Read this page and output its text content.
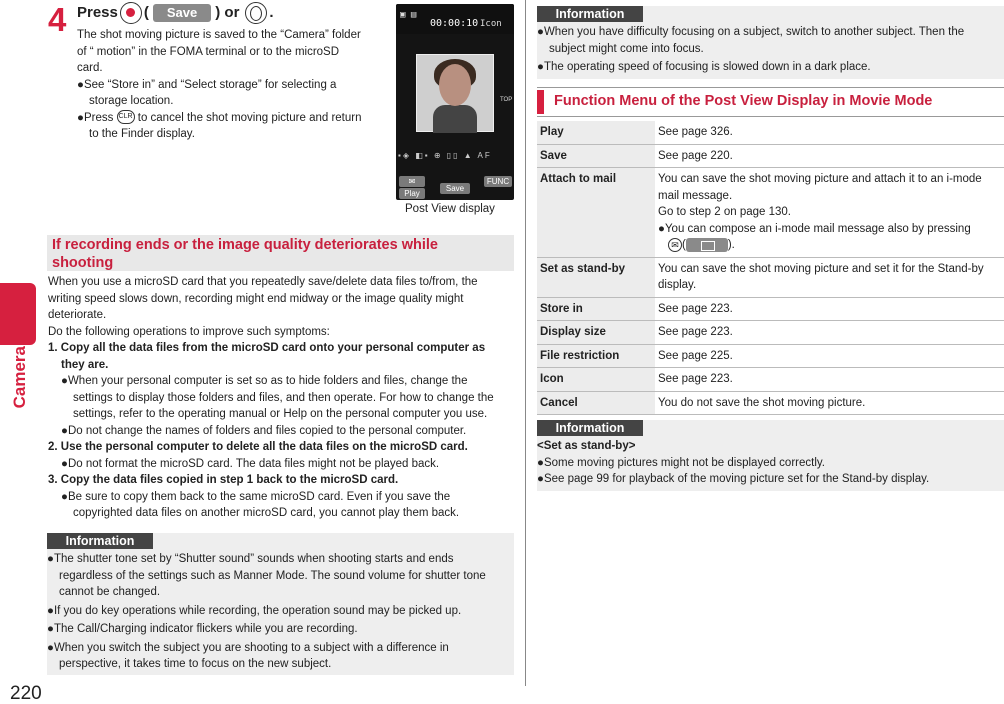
Camera
220
4 Press (	Save	) or .
The shot moving picture is saved to the “Camera” folder
of “ motion” in the FOMA terminal or to the microSD
card.
●See “Store in” and “Select storage” for selecting a
storage location.
●Press CLR to cancel the shot moving picture and return
to the Finder display.
▣ ▤
00:00:10 Icon
TOP
▪◈ ◧▪ ⊕ ▯▯ ▲ AF
✉
Play
Save
FUNC
Post View display
If recording ends or the image quality deteriorates while
shooting
When you use a microSD card that you repeatedly save/delete data files to/from, the
writing speed slows down, recording might end midway or the image quality might
deteriorate.
Do the following operations to improve such symptoms:
1. Copy all the data files from the microSD card onto your personal computer as
they are.
●When your personal computer is set so as to hide folders and files, change the
settings to display those folders and files, and then operate. For how to change the
settings, refer to the operating manual or Help on the personal computer you use.
●Do not change the names of folders and files copied to the personal computer.
2. Use the personal computer to delete all the data files on the microSD card.
●Do not format the microSD card. The data files might not be played back.
3. Copy the data files copied in step 1 back to the microSD card.
●Be sure to copy them back to the same microSD card. Even if you save the
copyrighted data files on another microSD card, you cannot play them back.
Information
●The shutter tone set by “Shutter sound” sounds when shooting starts and ends
regardless of the settings such as Manner Mode. The sound volume for shutter tone
cannot be changed.
●If you do key operations while recording, the operation sound may be picked up.
●The Call/Charging indicator flickers while you are recording.
●When you switch the subject you are shooting to a subject with a difference in
perspective, it takes time to focus on the new subject.
Information
●When you have difficulty focusing on a subject, switch to another subject. Then the
subject might come into focus.
●The operating speed of focusing is slowed down in a dark place.
Function Menu of the Post View Display in Movie Mode
Play	See page 326.
Save	See page 220.
Attach to mail	You can save the shot moving picture and attach it to an i-mode
mail message.
Go to step 2 on page 130.
●You can compose an i-mode mail message also by pressing
✉ ( ).

Set as stand-by	You can save the shot moving picture and set it for the Stand-by
display.

Store in	See page 223.
Display size	See page 223.
File restriction	See page 225.
Icon	See page 223.
Cancel	You do not save the shot moving picture.
Information
<Set as stand-by>
●Some moving pictures might not be displayed correctly.
●See page 99 for playback of the moving picture set for the Stand-by display.
